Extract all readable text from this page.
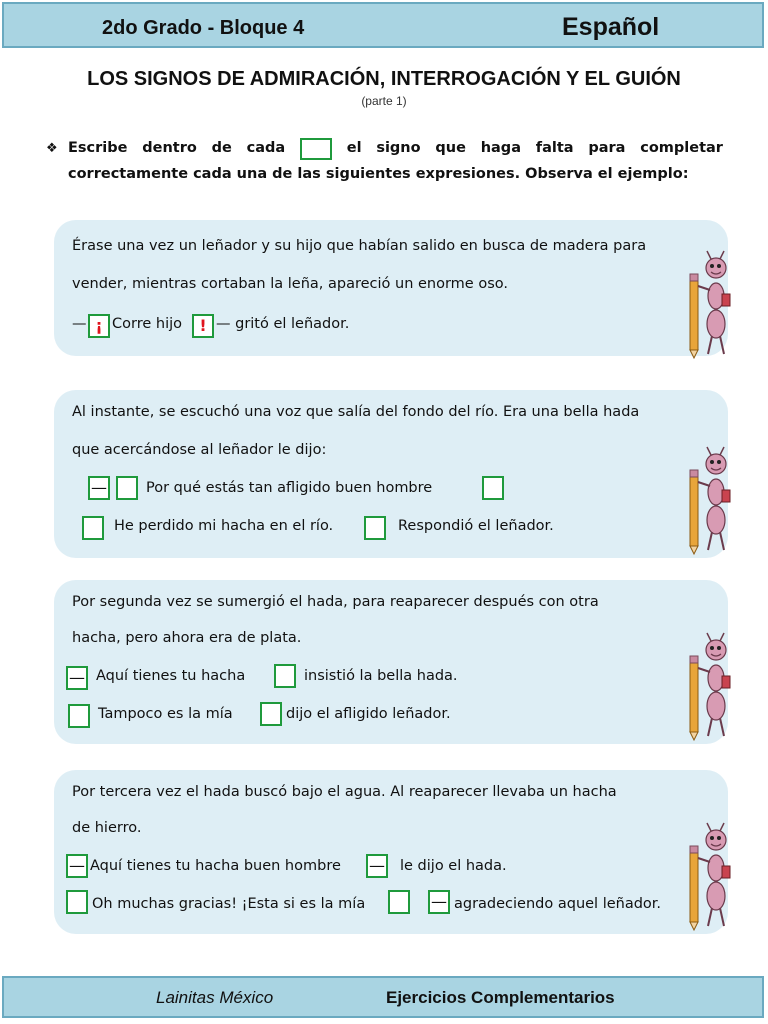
2do Grado - Bloque 4	Español
LOS SIGNOS DE ADMIRACIÓN, INTERROGACIÓN Y EL GUIÓN
(parte 1)
❖ Escribe dentro de cada	el signo que haga falta para completar
correctamente cada una de las siguientes expresiones. Observa el ejemplo:
Érase una vez un leñador y su hijo que habían salido en busca de madera para
vender, mientras cortaban la leña, apareció un enorme oso.
— ¡ Corre hijo	! — gritó el leñador.
Al instante, se escuchó una voz que salía del fondo del río. Era una bella hada
que acercándose al leñador le dijo:
—	Por qué estás tan afligido buen hombre
He perdido mi hacha en el río.	Respondió el leñador.
Por segunda vez se sumergió el hada, para reaparecer después con otra
hacha, pero ahora era de plata.
— Aquí tienes tu hacha	insistió la bella hada.
Tampoco es la mía	dijo el afligido leñador.
Por tercera vez el hada buscó bajo el agua. Al reaparecer llevaba un hacha
de hierro.
— Aquí tienes tu hacha buen hombre — le dijo el hada.
Oh muchas gracias! ¡Esta si es la mía	— agradeciendo aquel leñador.
Lainitas México	Ejercicios Complementarios
